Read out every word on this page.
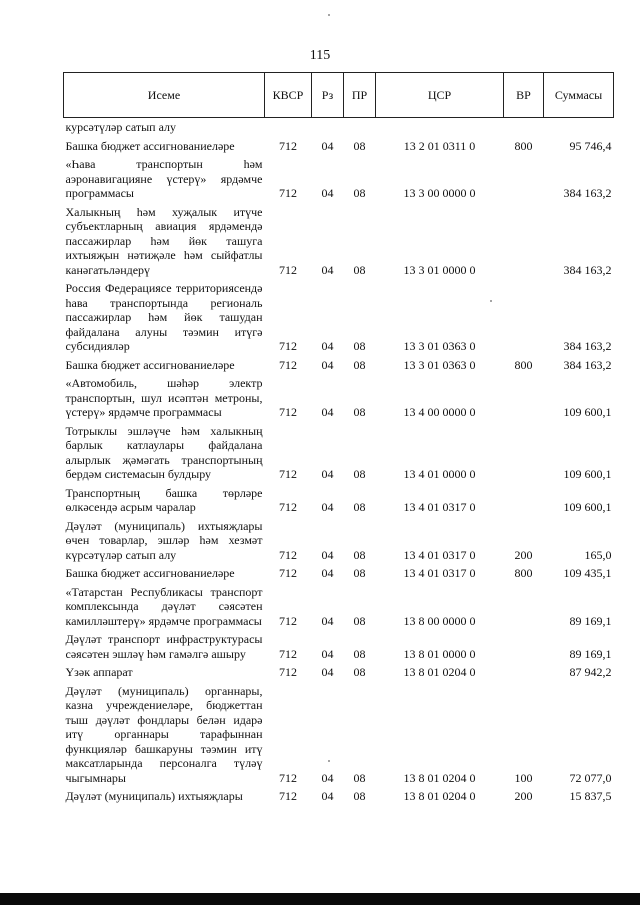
115
Исеме	КВСР	Рз	ПР	ЦСР	ВР	Суммасы
курсәтүләр сатып алу						
Башка бюджет ассигнованиеләре	712	04	08	13 2 01 0311 0	800	95 746,4
«Һава транспортын һәм аэронавигацияне үстерү» ярдәмче программасы	712	04	08	13 3 00 0000 0		384 163,2
Халыкның һәм хуҗалык итүче субъектларның авиация ярдәмендә пассажирлар һәм йөк ташуга ихтыяҗын нәтиҗәле һәм сыйфатлы канәгатьләндерү	712	04	08	13 3 01 0000 0		384 163,2
Россия Федерациясе территориясендә һава транспортында региональ пассажирлар һәм йөк ташудан файдалана алуны тәэмин итүгә субсидияләр	712	04	08	13 3 01 0363 0		384 163,2
Башка бюджет ассигнованиеләре	712	04	08	13 3 01 0363 0	800	384 163,2
«Автомобиль, шәһәр электр транспортын, шул исәптән метроны, үстерү» ярдәмче программасы	712	04	08	13 4 00 0000 0		109 600,1
Тотрыклы эшләүче һәм халыкның барлык катлаулары файдалана алырлык җәмәгать транспортының бердәм системасын булдыру	712	04	08	13 4 01 0000 0		109 600,1
Транспортның башка төрләре өлкәсендә асрым чаралар	712	04	08	13 4 01 0317 0		109 600,1
Дәүләт (муниципаль) ихтыяҗлары өчен товарлар, эшләр һәм хезмәт күрсәтүләр сатып алу	712	04	08	13 4 01 0317 0	200	165,0
Башка бюджет ассигнованиеләре	712	04	08	13 4 01 0317 0	800	109 435,1
«Татарстан Республикасы транспорт комплексында дәүләт сәясәтен камилләштерү» ярдәмче программасы	712	04	08	13 8 00 0000 0		89 169,1
Дәүләт транспорт инфраструктурасы сәясәтен эшләү һәм гамәлгә ашыру	712	04	08	13 8 01 0000 0		89 169,1
Үзәк аппарат	712	04	08	13 8 01 0204 0		87 942,2
Дәүләт (муниципаль) органнары, казна учреждениеләре, бюджеттан тыш дәүләт фондлары белән идарә итү органнары тарафыннан функцияләр башкаруны тәэмин итү максатларында персоналга түләү чыгымнары	712	04	08	13 8 01 0204 0	100	72 077,0
Дәүләт (муниципаль) ихтыяҗлары	712	04	08	13 8 01 0204 0	200	15 837,5
